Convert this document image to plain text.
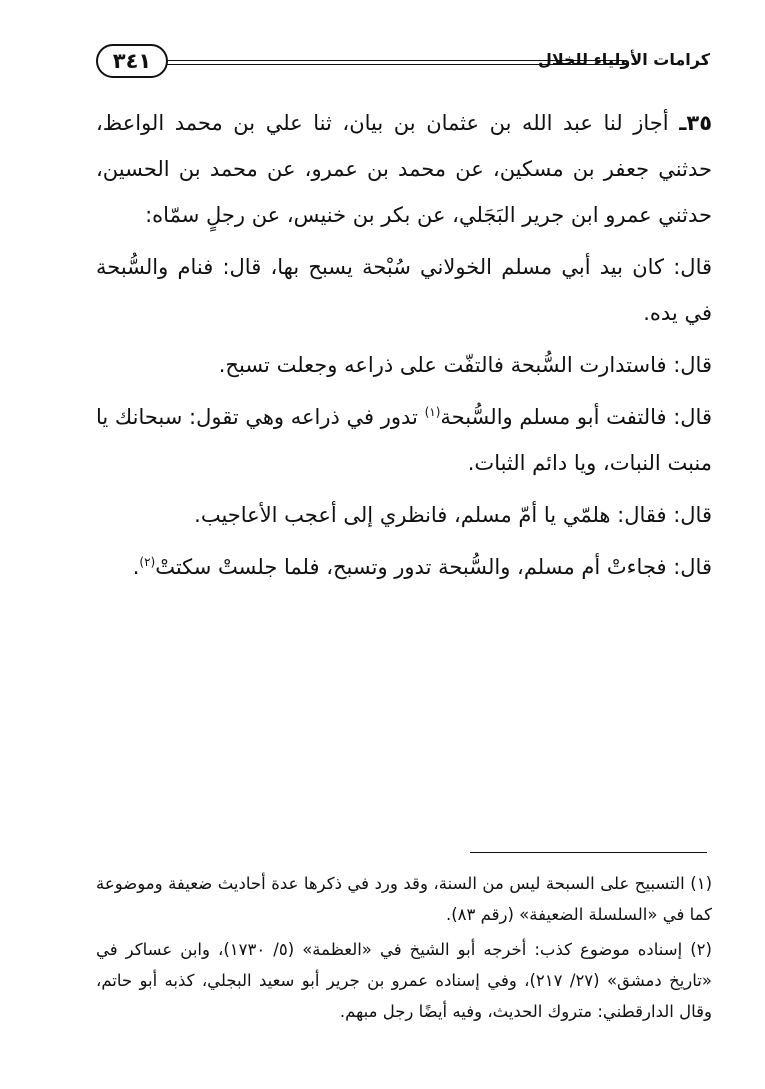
٣٤١	كرامات الأولياء للخلال

٣٥ـ أجاز لنا عبد الله بن عثمان بن بيان، ثنا علي بن محمد الواعظ، حدثني جعفر بن مسكين، عن محمد بن عمرو، عن محمد بن الحسين، حدثني عمرو ابن جرير البَجَلي، عن بكر بن خنيس، عن رجلٍ سمّاه:

قال: كان بيد أبي مسلم الخولاني سُبْحة يسبح بها، قال: فنام والسُّبحة في يده.

قال: فاستدارت السُّبحة فالتفّت على ذراعه وجعلت تسبح.

قال: فالتفت أبو مسلم والسُّبحة$^{(١)}$ تدور في ذراعه وهي تقول: سبحانك يا منبت النبات، ويا دائم الثبات.

قال: فقال: هلمّي يا أمّ مسلم، فانظري إلى أعجب الأعاجيب.

قال: فجاءتْ أم مسلم، والسُّبحة تدور وتسبح، فلما جلستْ سكتتْ$^{(٢)}$.

(١) التسبيح على السبحة ليس من السنة، وقد ورد في ذكرها عدة أحاديث ضعيفة وموضوعة كما في «السلسلة الضعيفة» (رقم ٨٣).

(٢) إسناده موضوع كذب: أخرجه أبو الشيخ في «العظمة» (٥/ ١٧٣٠)، وابن عساكر في «تاريخ دمشق» (٢٧/ ٢١٧)، وفي إسناده عمرو بن جرير أبو سعيد البجلي، كذبه أبو حاتم، وقال الدارقطني: متروك الحديث، وفيه أيضًا رجل مبهم.
